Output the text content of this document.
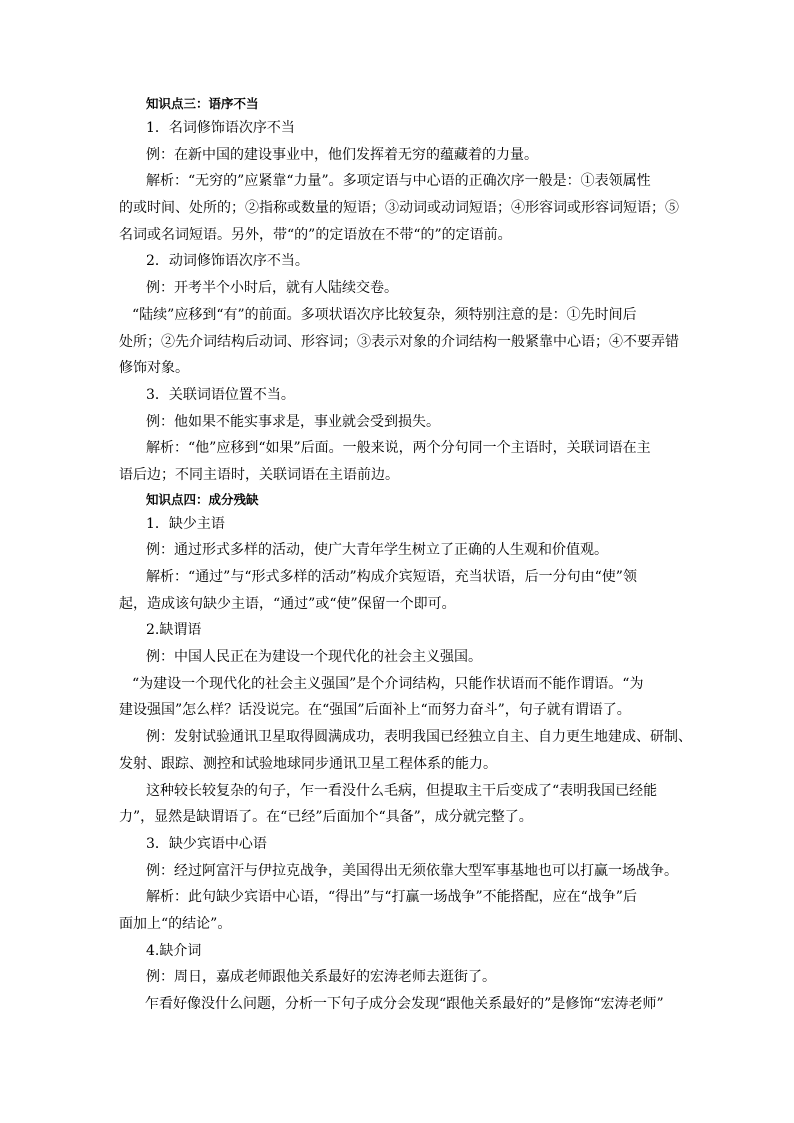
知识点三：语序不当
1．名词修饰语次序不当
例：在新中国的建设事业中，他们发挥着无穷的蕴藏着的力量。
解析：“无穷的”应紧靠“力量”。多项定语与中心语的正确次序一般是：①表领属性
的或时间、处所的；②指称或数量的短语；③动词或动词短语；④形容词或形容词短语；⑤
名词或名词短语。另外，带“的”的定语放在不带“的”的定语前。
2．动词修饰语次序不当。
例：开考半个小时后，就有人陆续交卷。
“陆续”应移到“有”的前面。多项状语次序比较复杂，须特别注意的是：①先时间后
处所；②先介词结构后动词、形容词；③表示对象的介词结构一般紧靠中心语；④不要弄错
修饰对象。
3．关联词语位置不当。
例：他如果不能实事求是，事业就会受到损失。
解析：“他”应移到“如果”后面。一般来说，两个分句同一个主语时，关联词语在主
语后边；不同主语时，关联词语在主语前边。
知识点四：成分残缺
1．缺少主语
例：通过形式多样的活动，使广大青年学生树立了正确的人生观和价值观。
解析：“通过”与“形式多样的活动”构成介宾短语，充当状语，后一分句由“使”领
起，造成该句缺少主语，“通过”或“使”保留一个即可。
2.缺谓语
例：中国人民正在为建设一个现代化的社会主义强国。
“为建设一个现代化的社会主义强国”是个介词结构，只能作状语而不能作谓语。“为
建设强国”怎么样？话没说完。在“强国”后面补上“而努力奋斗”，句子就有谓语了。
例：发射试验通讯卫星取得圆满成功，表明我国已经独立自主、自力更生地建成、研制、
发射、跟踪、测控和试验地球同步通讯卫星工程体系的能力。
这种较长较复杂的句子，乍一看没什么毛病，但提取主干后变成了“表明我国已经能
力”，显然是缺谓语了。在“已经”后面加个“具备”，成分就完整了。
3．缺少宾语中心语
例：经过阿富汗与伊拉克战争，美国得出无须依靠大型军事基地也可以打赢一场战争。
解析：此句缺少宾语中心语，“得出”与“打赢一场战争”不能搭配，应在“战争”后
面加上“的结论”。
4.缺介词
例：周日，嘉成老师跟他关系最好的宏涛老师去逛街了。
乍看好像没什么问题，分析一下句子成分会发现“跟他关系最好的”是修饰“宏涛老师”
